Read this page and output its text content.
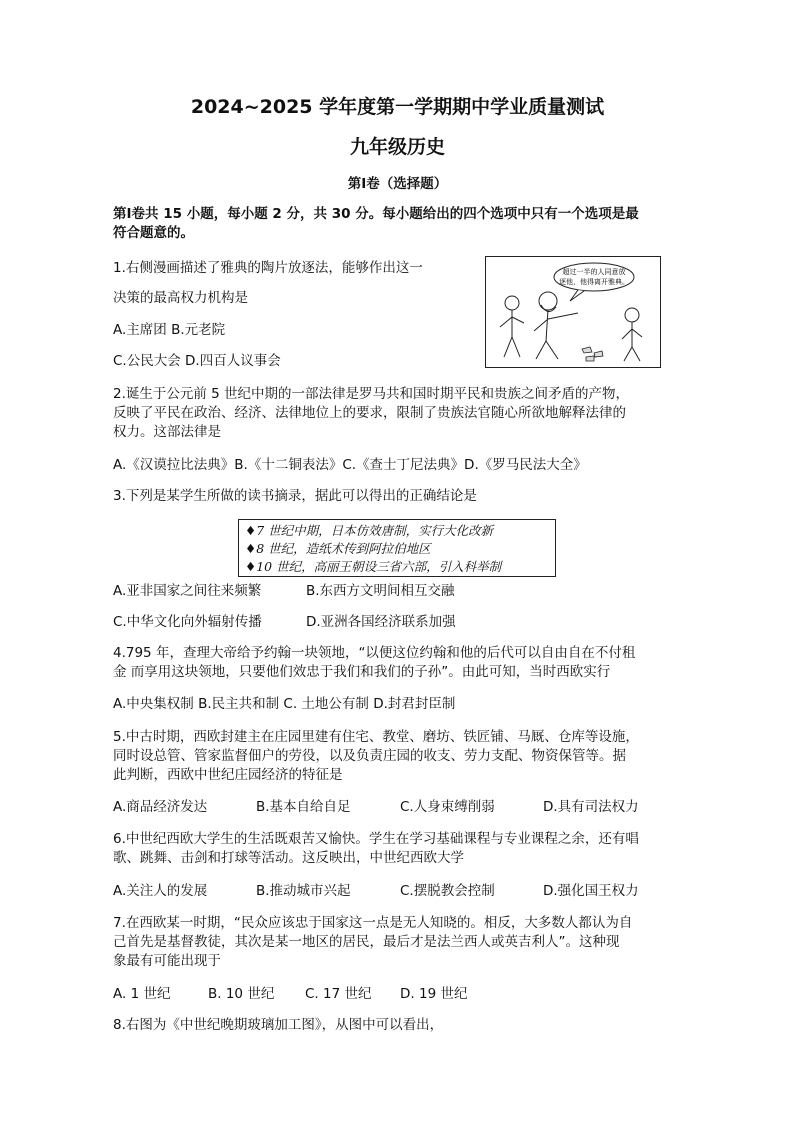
2024~2025 学年度第一学期期中学业质量测试
九年级历史
第Ⅰ卷（选择题）
第Ⅰ卷共 15 小题，每小题 2 分，共 30 分。每小题给出的四个选项中只有一个选项是最
符合题意的。
1.右侧漫画描述了雅典的陶片放逐法，能够作出这一
决策的最高权力机构是
A.主席团 B.元老院
C.公民大会 D.四百人议事会
超过一半的人同意放
逐他，他得离开雅典。
2.诞生于公元前 5 世纪中期的一部法律是罗马共和国时期平民和贵族之间矛盾的产物，
反映了平民在政治、经济、法律地位上的要求，限制了贵族法官随心所欲地解释法律的
权力。这部法律是
A.《汉谟拉比法典》B.《十二铜表法》C.《查士丁尼法典》D.《罗马民法大全》
3.下列是某学生所做的读书摘录，据此可以得出的正确结论是
♦7 世纪中期，日本仿效唐制，实行大化改新
♦8 世纪，造纸术传到阿拉伯地区
♦10 世纪，高丽王朝设三省六部，引入科举制
A.亚非国家之间往来频繁	B.东西方文明间相互交融
C.中华文化向外辐射传播	D.亚洲各国经济联系加强
4.795 年，查理大帝给予约翰一块领地，“以便这位约翰和他的后代可以自由自在不付租
金 而享用这块领地，只要他们效忠于我们和我们的子孙”。由此可知，当时西欧实行
A.中央集权制 B.民主共和制 C. 土地公有制 D.封君封臣制
5.中古时期，西欧封建主在庄园里建有住宅、教堂、磨坊、铁匠铺、马厩、仓库等设施，
同时设总管、管家监督佃户的劳役，以及负责庄园的收支、劳力支配、物资保管等。据
此判断，西欧中世纪庄园经济的特征是
A.商品经济发达	B.基本自给自足	C.人身束缚削弱	D.具有司法权力
6.中世纪西欧大学生的生活既艰苦又愉快。学生在学习基础课程与专业课程之余，还有唱
歌、跳舞、击剑和打球等活动。这反映出，中世纪西欧大学
A.关注人的发展	B.推动城市兴起	C.摆脱教会控制	D.强化国王权力
7.在西欧某一时期，“民众应该忠于国家这一点是无人知晓的。相反，大多数人都认为自
己首先是基督教徒，其次是某一地区的居民，最后才是法兰西人或英吉利人”。这种现
象最有可能出现于
A. 1 世纪	B. 10 世纪 C. 17 世纪 D. 19 世纪
8.右图为《中世纪晚期玻璃加工图》，从图中可以看出，
